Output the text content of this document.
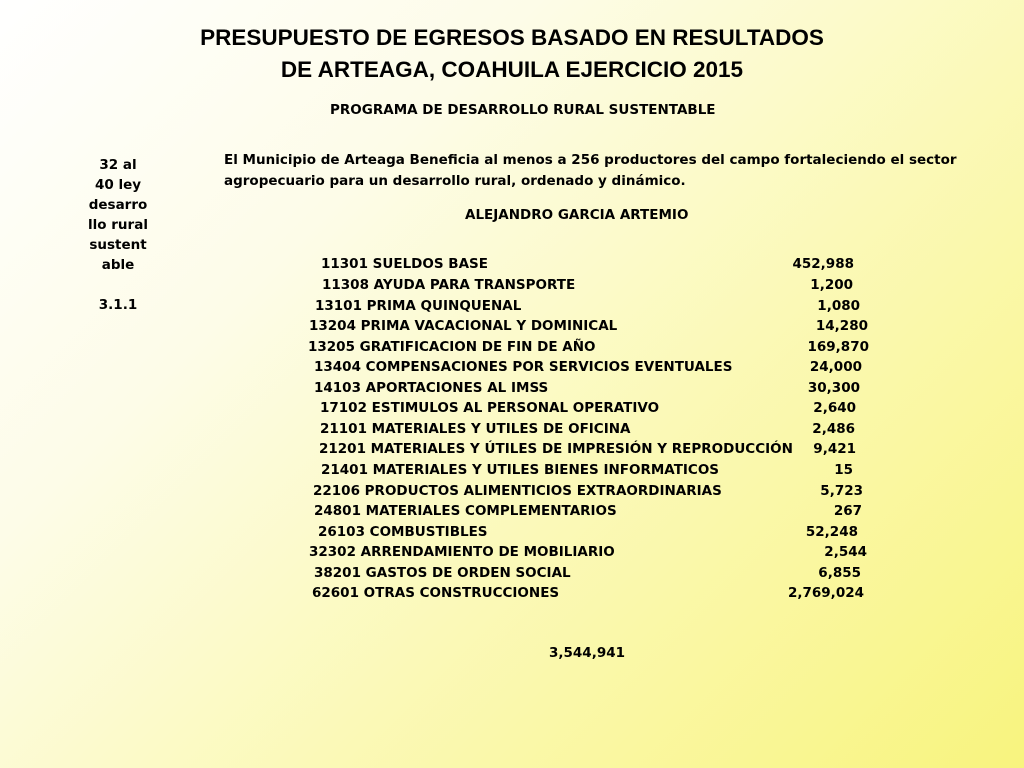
PRESUPUESTO DE EGRESOS BASADO EN RESULTADOS
DE ARTEAGA, COAHUILA EJERCICIO 2015
PROGRAMA DE DESARROLLO RURAL SUSTENTABLE
32 al
40 ley
desarro
llo rural
sustent
able
3.1.1
El Municipio de Arteaga Beneficia al menos a 256 productores del campo fortaleciendo el sector agropecuario para un desarrollo rural, ordenado y dinámico.
ALEJANDRO GARCIA ARTEMIO
11301 SUELDOS BASE	452,988
11308 AYUDA PARA TRANSPORTE	1,200
13101 PRIMA QUINQUENAL	1,080
13204 PRIMA VACACIONAL Y DOMINICAL	14,280
13205 GRATIFICACION DE FIN DE AÑO	169,870
13404 COMPENSACIONES POR SERVICIOS EVENTUALES	24,000
14103 APORTACIONES AL IMSS	30,300
17102 ESTIMULOS AL PERSONAL OPERATIVO	2,640
21101 MATERIALES Y UTILES DE OFICINA	2,486
21201 MATERIALES Y ÚTILES DE IMPRESIÓN Y REPRODUCCIÓN 9,421
21401 MATERIALES Y UTILES BIENES INFORMATICOS	15
22106 PRODUCTOS ALIMENTICIOS EXTRAORDINARIAS	5,723
24801 MATERIALES COMPLEMENTARIOS	267
26103 COMBUSTIBLES	52,248
32302 ARRENDAMIENTO DE MOBILIARIO	2,544
38201 GASTOS DE ORDEN SOCIAL	6,855
62601 OTRAS CONSTRUCCIONES	2,769,024
3,544,941
